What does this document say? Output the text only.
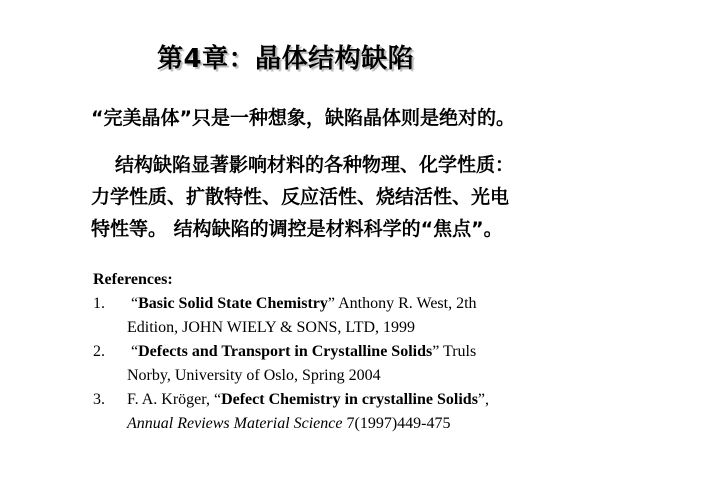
第4章：晶体结构缺陷
“完美晶体”只是一种想象，缺陷晶体则是绝对的。
结构缺陷显著影响材料的各种物理、化学性质：
力学性质、扩散特性、反应活性、烧结活性、光电
特性等。 结构缺陷的调控是材料科学的“焦点”。
References:
1. “Basic Solid State Chemistry” Anthony R. West, 2th
Edition, JOHN WIELY & SONS, LTD, 1999
2. “Defects and Transport in Crystalline Solids” Truls
Norby, University of Oslo, Spring 2004
3. F. A. Kröger, “Defect Chemistry in crystalline Solids”,
Annual Reviews Material Science 7(1997)449-475
